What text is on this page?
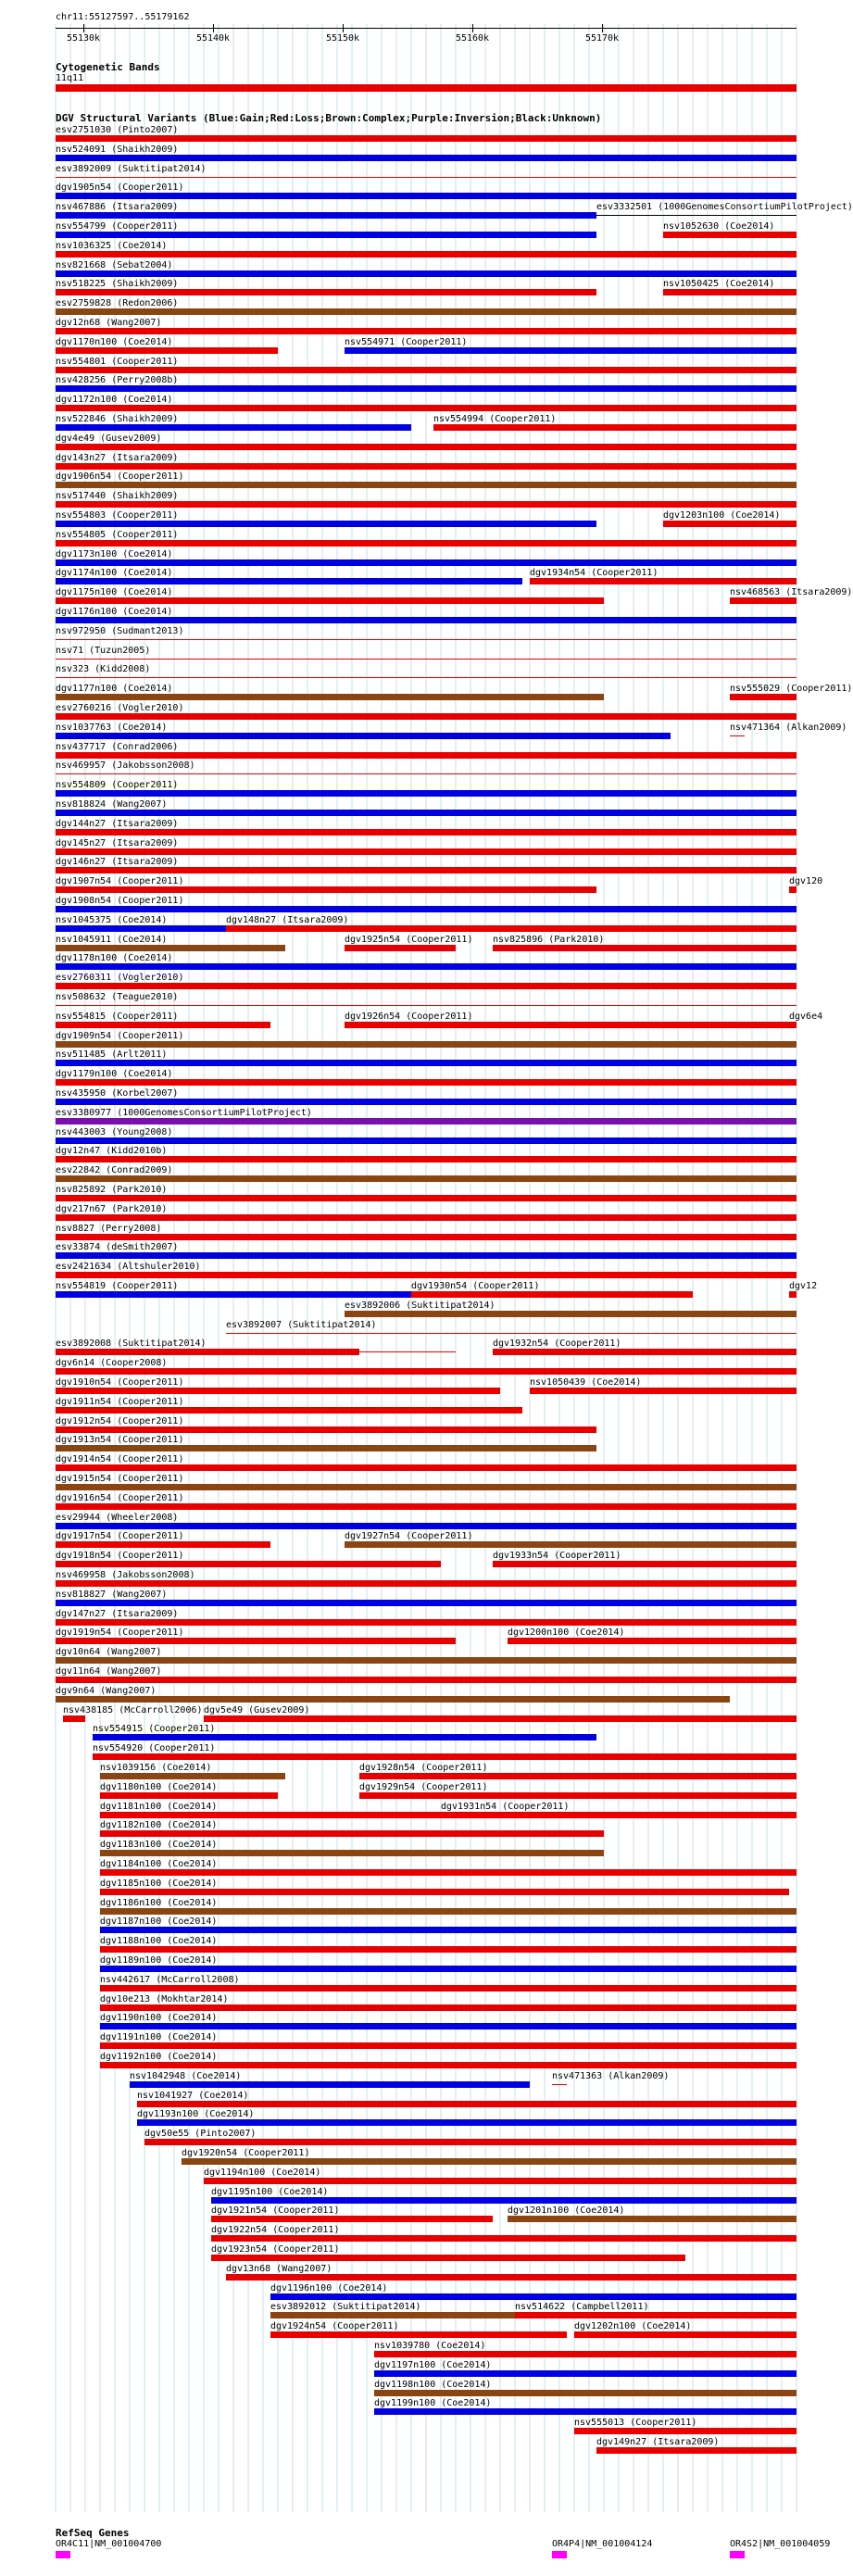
chr11:55127597..55179162
55130k	55140k	55150k	55160k	55170k
Cytogenetic Bands
11q11
DGV Structural Variants (Blue:Gain;Red:Loss;Brown:Complex;Purple:Inversion;Black:Unknown)
esv2751030 (Pinto2007)
nsv524091 (Shaikh2009)
esv3892009 (Suktitipat2014)
dgv1905n54 (Cooper2011)
nsv467886 (Itsara2009)	esv3332501 (1000GenomesConsortiumPilotProject)
nsv554799 (Cooper2011)	nsv1052630 (Coe2014)
nsv1036325 (Coe2014)
nsv821668 (Sebat2004)
nsv518225 (Shaikh2009)	nsv1050425 (Coe2014)
esv2759828 (Redon2006)
dgv12n68 (Wang2007)
dgv1170n100 (Coe2014)	nsv554971 (Cooper2011)
nsv554801 (Cooper2011)
nsv428256 (Perry2008b)
dgv1172n100 (Coe2014)
nsv522846 (Shaikh2009)	nsv554994 (Cooper2011)
dgv4e49 (Gusev2009)
dgv143n27 (Itsara2009)
dgv1906n54 (Cooper2011)
nsv517440 (Shaikh2009)
nsv554803 (Cooper2011)	dgv1203n100 (Coe2014)
nsv554805 (Cooper2011)
dgv1173n100 (Coe2014)
dgv1174n100 (Coe2014)	dgv1934n54 (Cooper2011)
dgv1175n100 (Coe2014)	nsv468563 (Itsara2009)
dgv1176n100 (Coe2014)
nsv972950 (Sudmant2013)
nsv71 (Tuzun2005)
nsv323 (Kidd2008)
dgv1177n100 (Coe2014)	nsv555029 (Cooper2011)
esv2760216 (Vogler2010)
nsv1037763 (Coe2014)	nsv471364 (Alkan2009)
nsv437717 (Conrad2006)
nsv469957 (Jakobsson2008)
nsv554809 (Cooper2011)
nsv818824 (Wang2007)
dgv144n27 (Itsara2009)
dgv145n27 (Itsara2009)
dgv146n27 (Itsara2009)
dgv1907n54 (Cooper2011)	dgv120
dgv1908n54 (Cooper2011)
nsv1045375 (Coe2014)	dgv148n27 (Itsara2009)
nsv1045911 (Coe2014)	dgv1925n54 (Cooper2011) nsv825896 (Park2010)
dgv1178n100 (Coe2014)
esv2760311 (Vogler2010)
nsv508632 (Teague2010)
nsv554815 (Cooper2011)	dgv1926n54 (Cooper2011)	dgv6e4
dgv1909n54 (Cooper2011)
nsv511485 (Arlt2011)
dgv1179n100 (Coe2014)
nsv435950 (Korbel2007)
esv3380977 (1000GenomesConsortiumPilotProject)
nsv443003 (Young2008)
dgv12n47 (Kidd2010b)
esv22842 (Conrad2009)
nsv825892 (Park2010)
dgv217n67 (Park2010)
nsv8827 (Perry2008)
esv33874 (deSmith2007)
esv2421634 (Altshuler2010)
nsv554819 (Cooper2011)	dgv1930n54 (Cooper2011)	dgv12
esv3892006 (Suktitipat2014)
esv3892007 (Suktitipat2014)
esv3892008 (Suktitipat2014)	dgv1932n54 (Cooper2011)
dgv6n14 (Cooper2008)
dgv1910n54 (Cooper2011)	nsv1050439 (Coe2014)
dgv1911n54 (Cooper2011)
dgv1912n54 (Cooper2011)
dgv1913n54 (Cooper2011)
dgv1914n54 (Cooper2011)
dgv1915n54 (Cooper2011)
dgv1916n54 (Cooper2011)
esv29944 (Wheeler2008)
dgv1917n54 (Cooper2011)	dgv1927n54 (Cooper2011)
dgv1918n54 (Cooper2011)	dgv1933n54 (Cooper2011)
nsv469958 (Jakobsson2008)
nsv818827 (Wang2007)
dgv147n27 (Itsara2009)
dgv1919n54 (Cooper2011)	dgv1200n100 (Coe2014)
dgv10n64 (Wang2007)
dgv11n64 (Wang2007)
dgv9n64 (Wang2007)
nsv438185 (McCarroll2006) dgv5e49 (Gusev2009)
nsv554915 (Cooper2011)
nsv554920 (Cooper2011)
nsv1039156 (Coe2014)	dgv1928n54 (Cooper2011)
dgv1180n100 (Coe2014)	dgv1929n54 (Cooper2011)
dgv1181n100 (Coe2014)	dgv1931n54 (Cooper2011)
dgv1182n100 (Coe2014)
dgv1183n100 (Coe2014)
dgv1184n100 (Coe2014)
dgv1185n100 (Coe2014)
dgv1186n100 (Coe2014)
dgv1187n100 (Coe2014)
dgv1188n100 (Coe2014)
dgv1189n100 (Coe2014)
nsv442617 (McCarroll2008)
dgv10e213 (Mokhtar2014)
dgv1190n100 (Coe2014)
dgv1191n100 (Coe2014)
dgv1192n100 (Coe2014)
nsv1042948 (Coe2014)	nsv471363 (Alkan2009)
nsv1041927 (Coe2014)
dgv1193n100 (Coe2014)
dgv50e55 (Pinto2007)
dgv1920n54 (Cooper2011)
dgv1194n100 (Coe2014)
dgv1195n100 (Coe2014)
dgv1921n54 (Cooper2011)	dgv1201n100 (Coe2014)
dgv1922n54 (Cooper2011)
dgv1923n54 (Cooper2011)
dgv13n68 (Wang2007)
dgv1196n100 (Coe2014)
esv3892012 (Suktitipat2014)	nsv514622 (Campbell2011)
dgv1924n54 (Cooper2011)	dgv1202n100 (Coe2014)
nsv1039780 (Coe2014)
dgv1197n100 (Coe2014)
dgv1198n100 (Coe2014)
dgv1199n100 (Coe2014)
nsv555013 (Cooper2011)
dgv149n27 (Itsara2009)
RefSeq Genes
OR4C11|NM_001004700	OR4P4|NM_001004124	OR4S2|NM_001004059
